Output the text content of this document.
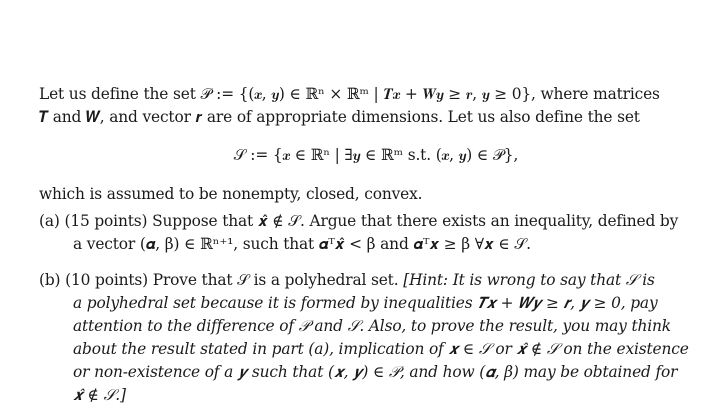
Let us define the set 𝒫 := {(𝒙, 𝒚) ∈ ℝⁿ × ℝᵐ | 𝑻𝒙 + 𝑾𝒚 ≥ 𝒓, 𝒚 ≥ 0}, where matrices
𝑻 and 𝑾, and vector 𝒓 are of appropriate dimensions. Let us also define the set
𝒮 := {𝒙 ∈ ℝⁿ | ∃𝒚 ∈ ℝᵐ s.t. (𝒙, 𝒚) ∈ 𝒫},
which is assumed to be nonempty, closed, convex.
(a) (15 points) Suppose that 𝒙̂ ∉ 𝒮. Argue that there exists an inequality, defined by
a vector (𝜶, β) ∈ ℝⁿ⁺¹, such that 𝜶ᵀ𝒙̂ < β and 𝜶ᵀ𝒙 ≥ β ∀𝒙 ∈ 𝒮.
(b) (10 points) Prove that 𝒮 is a polyhedral set. [Hint: It is wrong to say that 𝒮 is
a polyhedral set because it is formed by inequalities 𝑻𝒙 + 𝑾𝒚 ≥ 𝒓, 𝒚 ≥ 0, pay
attention to the difference of 𝒫 and 𝒮. Also, to prove the result, you may think
about the result stated in part (a), implication of 𝒙 ∈ 𝒮 or 𝒙̂ ∉ 𝒮 on the existence
or non-existence of a 𝒚 such that (𝒙, 𝒚) ∈ 𝒫, and how (𝜶, β) may be obtained for
𝒙̂ ∉ 𝒮.]
